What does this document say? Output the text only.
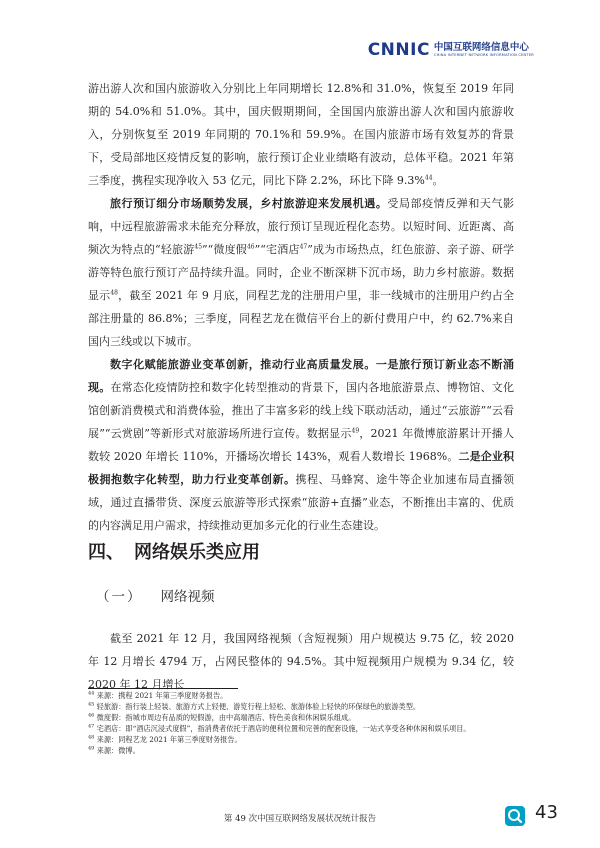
CNNIC 中国互联网络信息中心
CHINA INTERNET NETWORK INFORMATION CENTER

游出游人次和国内旅游收入分别比上年同期增长 12.8%和 31.0%，恢复至 2019 年同期的 54.0%和 51.0%。其中，国庆假期期间，全国国内旅游出游人次和国内旅游收入，分别恢复至 2019 年同期的 70.1%和 59.9%。在国内旅游市场有效复苏的背景下，受局部地区疫情反复的影响，旅行预订企业业绩略有波动，总体平稳。2021 年第三季度，携程实现净收入 53 亿元，同比下降 2.2%，环比下降 9.3%$^{44}$。

旅行预订细分市场顺势发展，乡村旅游迎来发展机遇。受局部疫情反弹和天气影响，中远程旅游需求未能充分释放，旅行预订呈现近程化态势。以短时间、近距离、高频次为特点的“轻旅游$^{45}$”“微度假$^{46}$”“宅酒店$^{47}$”成为市场热点，红色旅游、亲子游、研学游等特色旅行预订产品持续升温。同时，企业不断深耕下沉市场，助力乡村旅游。数据显示$^{48}$，截至 2021 年 9 月底，同程艺龙的注册用户里，非一线城市的注册用户约占全部注册量的 86.8%；三季度，同程艺龙在微信平台上的新付费用户中，约 62.7%来自国内三线或以下城市。

数字化赋能旅游业变革创新，推动行业高质量发展。一是旅行预订新业态不断涌现。在常态化疫情防控和数字化转型推动的背景下，国内各地旅游景点、博物馆、文化馆创新消费模式和消费体验，推出了丰富多彩的线上线下联动活动，通过“云旅游”“云看展”“云赏剧”等新形式对旅游场所进行宣传。数据显示$^{49}$，2021 年微博旅游累计开播人数较 2020 年增长 110%，开播场次增长 143%，观看人数增长 1968%。二是企业积极拥抱数字化转型，助力行业变革创新。携程、马蜂窝、途牛等企业加速布局直播领域，通过直播带货、深度云旅游等形式探索“旅游+直播”业态，不断推出丰富的、优质的内容满足用户需求，持续推动更加多元化的行业生态建设。

四、 网络娱乐类应用
（一） 网络视频

截至 2021 年 12 月，我国网络视频（含短视频）用户规模达 9.75 亿，较 2020 年 12 月增长 4794 万，占网民整体的 94.5%。其中短视频用户规模为 9.34 亿，较 2020 年 12 月增长

$^{44}$ 来源：携程 2021 年第三季度财务报告。
$^{45}$ 轻旅游：指行装上轻装、旅游方式上轻便、游览行程上轻松、旅游体验上轻快的环保绿色的旅游类型。
$^{46}$ 微度假：指城市周边有品质的短假游，由中高端酒店、特色美食和休闲娱乐组成。
$^{47}$ 宅酒店：即“酒店沉浸式度假”，指消费者依托于酒店的便利位置和完善的配套设施，一站式享受各种休闲和娱乐项目。
$^{48}$ 来源：同程艺龙 2021 年第三季度财务报告。
$^{49}$ 来源：微博。
第 49 次中国互联网络发展状况统计报告	43
